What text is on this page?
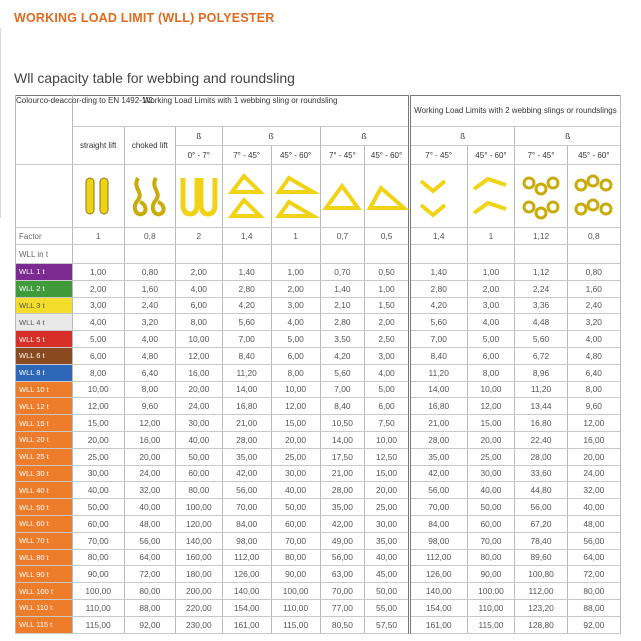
WORKING LOAD LIMIT (WLL) POLYESTER
Wll capacity table for webbing and roundsling
Colourco-deaccor-ding to EN 1492-1/2	Working Load Limits with 1 webbing sling or roundsling							Working Load Limits with 2 webbing slings or roundslings			
	straight lift	choked lift	ß	ß		ß		ß		ß	
			0° - 7°	7° - 45°	45° - 60°	7° - 45°	45° - 60°	7° - 45°	45° - 60°	7° - 45°	45° - 60°

Factor	1	0,8	2	1,4	1	0,7	0,5	1,4	1	1,12	0,8
WLL in t											
WLL 1 t	1,00	0,80	2,00	1,40	1,00	0,70	0,50	1,40	1,00	1,12	0,80
WLL 2 t	2,00	1,60	4,00	2,80	2,00	1,40	1,00	2,80	2,00	2,24	1,60
WLL 3 t	3,00	2,40	6,00	4,20	3,00	2,10	1,50	4,20	3,00	3,36	2,40
WLL 4 t	4,00	3,20	8,00	5,60	4,00	2,80	2,00	5,60	4,00	4,48	3,20
WLL 5 t	5,00	4,00	10,00	7,00	5,00	3,50	2,50	7,00	5,00	5,60	4,00
WLL 6 t	6,00	4,80	12,00	8,40	6,00	4,20	3,00	8,40	6,00	6,72	4,80
WLL 8 t	8,00	6,40	16,00	11,20	8,00	5,60	4,00	11,20	8,00	8,96	6,40
WLL 10 t	10,00	8,00	20,00	14,00	10,00	7,00	5,00	14,00	10,00	11,20	8,00
WLL 12 t	12,00	9,60	24,00	16,80	12,00	8,40	6,00	16,80	12,00	13,44	9,60
WLL 15 t	15,00	12,00	30,00	21,00	15,00	10,50	7,50	21,00	15,00	16,80	12,00
WLL 20 t	20,00	16,00	40,00	28,00	20,00	14,00	10,00	28,00	20,00	22,40	16,00
WLL 25 t	25,00	20,00	50,00	35,00	25,00	17,50	12,50	35,00	25,00	28,00	20,00
WLL 30 t	30,00	24,00	60,00	42,00	30,00	21,00	15,00	42,00	30,00	33,60	24,00
WLL 40 t	40,00	32,00	80,00	56,00	40,00	28,00	20,00	56,00	40,00	44,80	32,00
WLL 50 t	50,00	40,00	100,00	70,00	50,00	35,00	25,00	70,00	50,00	56,00	40,00
WLL 60 t	60,00	48,00	120,00	84,00	60,00	42,00	30,00	84,00	60,00	67,20	48,00
WLL 70 t	70,00	56,00	140,00	98,00	70,00	49,00	35,00	98,00	70,00	78,40	56,00
WLL 80 t	80,00	64,00	160,00	112,00	80,00	56,00	40,00	112,00	80,00	89,60	64,00
WLL 90 t	90,00	72,00	180,00	126,00	90,00	63,00	45,00	126,00	90,00	100,80	72,00
WLL 100 t	100,00	80,00	200,00	140,00	100,00	70,00	50,00	140,00	100,00	112,00	80,00
WLL 110 t	110,00	88,00	220,00	154,00	110,00	77,00	55,00	154,00	110,00	123,20	88,00
WLL 115 t	115,00	92,00	230,00	161,00	115,00	80,50	57,50	161,00	115,00	128,80	92,00
